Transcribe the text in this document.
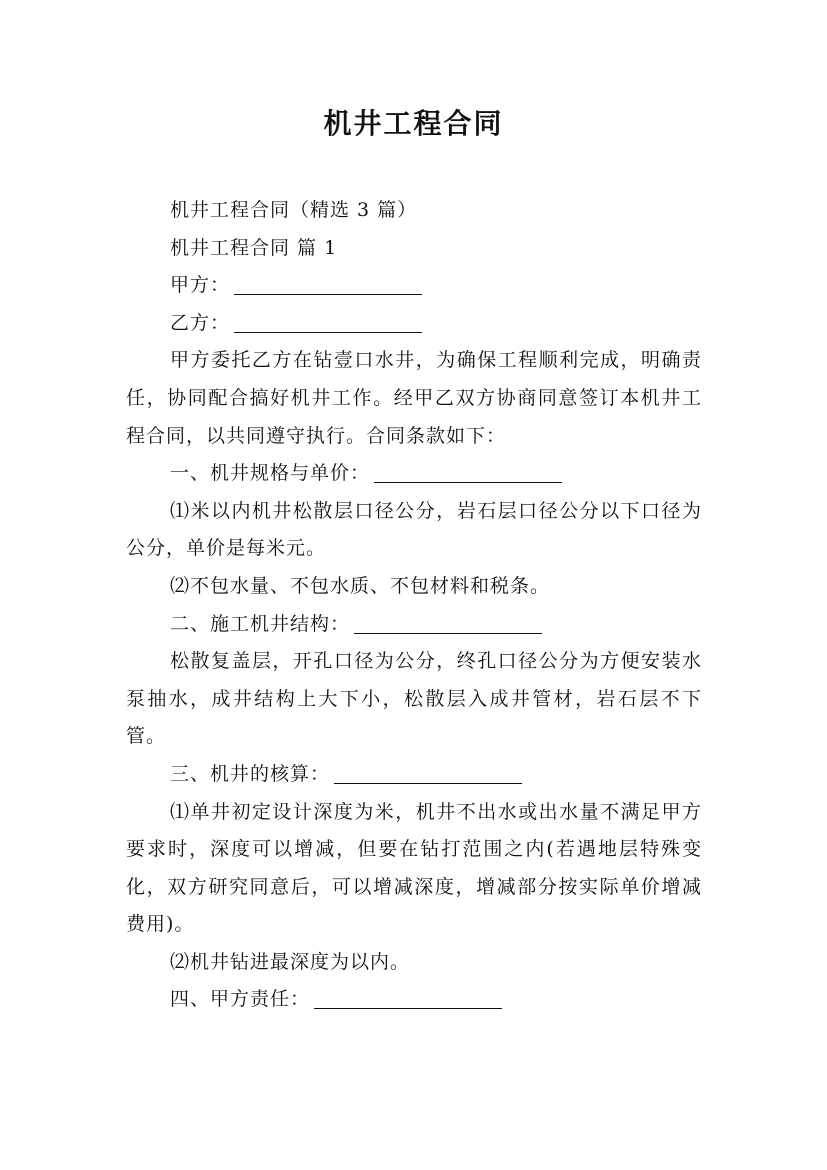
机井工程合同

机井工程合同（精选 3 篇）

机井工程合同 篇 1

甲方：

乙方：

甲方委托乙方在钻壹口水井，为确保工程顺利完成，明确责任，协同配合搞好机井工作。经甲乙双方协商同意签订本机井工程合同，以共同遵守执行。合同条款如下：

一、机井规格与单价：

⑴米以内机井松散层口径公分，岩石层口径公分以下口径为公分，单价是每米元。

⑵不包水量、不包水质、不包材料和税条。

二、施工机井结构：

松散复盖层，开孔口径为公分，终孔口径公分为方便安装水泵抽水，成井结构上大下小，松散层入成井管材，岩石层不下管。

三、机井的核算：

⑴单井初定设计深度为米，机井不出水或出水量不满足甲方要求时，深度可以增减，但要在钻打范围之内(若遇地层特殊变化，双方研究同意后，可以增减深度，增减部分按实际单价增减费用)。

⑵机井钻进最深度为以内。

四、甲方责任：
